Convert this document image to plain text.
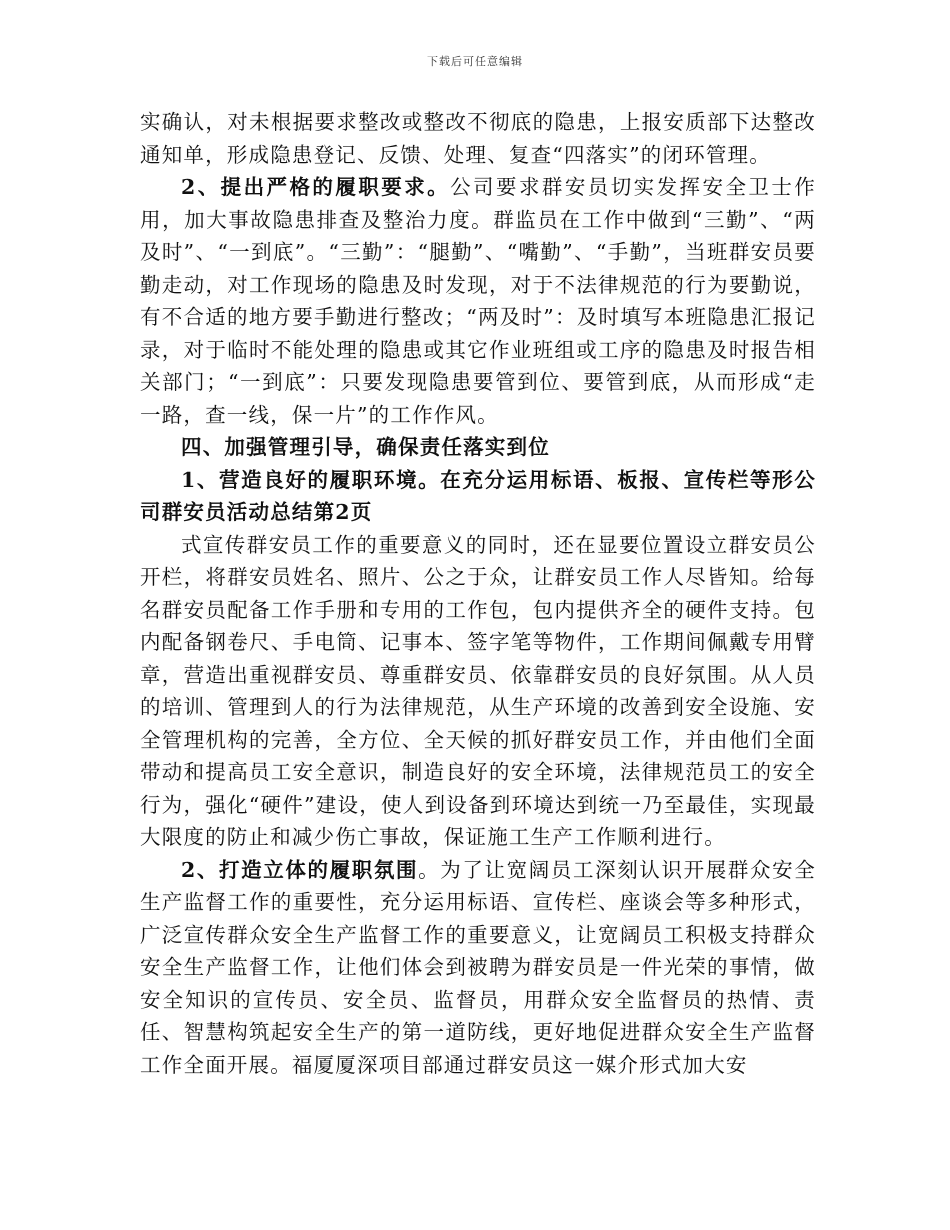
下载后可任意编辑

实确认，对未根据要求整改或整改不彻底的隐患，上报安质部下达整改通知单，形成隐患登记、反馈、处理、复查“四落实”的闭环管理。

2、提出严格的履职要求。公司要求群安员切实发挥安全卫士作用，加大事故隐患排查及整治力度。群监员在工作中做到“三勤”、“两及时”、“一到底”。“三勤”：“腿勤”、“嘴勤”、“手勤”，当班群安员要勤走动，对工作现场的隐患及时发现，对于不法律规范的行为要勤说，有不合适的地方要手勤进行整改；“两及时”：及时填写本班隐患汇报记录，对于临时不能处理的隐患或其它作业班组或工序的隐患及时报告相关部门；“一到底”：只要发现隐患要管到位、要管到底，从而形成“走一路，查一线，保一片”的工作作风。

四、加强管理引导，确保责任落实到位

1、营造良好的履职环境。在充分运用标语、板报、宣传栏等形公司群安员活动总结第2页

式宣传群安员工作的重要意义的同时，还在显要位置设立群安员公开栏，将群安员姓名、照片、公之于众，让群安员工作人尽皆知。给每名群安员配备工作手册和专用的工作包，包内提供齐全的硬件支持。包内配备钢卷尺、手电筒、记事本、签字笔等物件，工作期间佩戴专用臂章，营造出重视群安员、尊重群安员、依靠群安员的良好氛围。从人员的培训、管理到人的行为法律规范，从生产环境的改善到安全设施、安全管理机构的完善，全方位、全天候的抓好群安员工作，并由他们全面带动和提高员工安全意识，制造良好的安全环境，法律规范员工的安全行为，强化“硬件”建设，使人到设备到环境达到统一乃至最佳，实现最大限度的防止和减少伤亡事故，保证施工生产工作顺利进行。

2、打造立体的履职氛围。为了让宽阔员工深刻认识开展群众安全生产监督工作的重要性，充分运用标语、宣传栏、座谈会等多种形式，广泛宣传群众安全生产监督工作的重要意义，让宽阔员工积极支持群众安全生产监督工作，让他们体会到被聘为群安员是一件光荣的事情，做安全知识的宣传员、安全员、监督员，用群众安全监督员的热情、责任、智慧构筑起安全生产的第一道防线，更好地促进群众安全生产监督工作全面开展。福厦厦深项目部通过群安员这一媒介形式加大安
